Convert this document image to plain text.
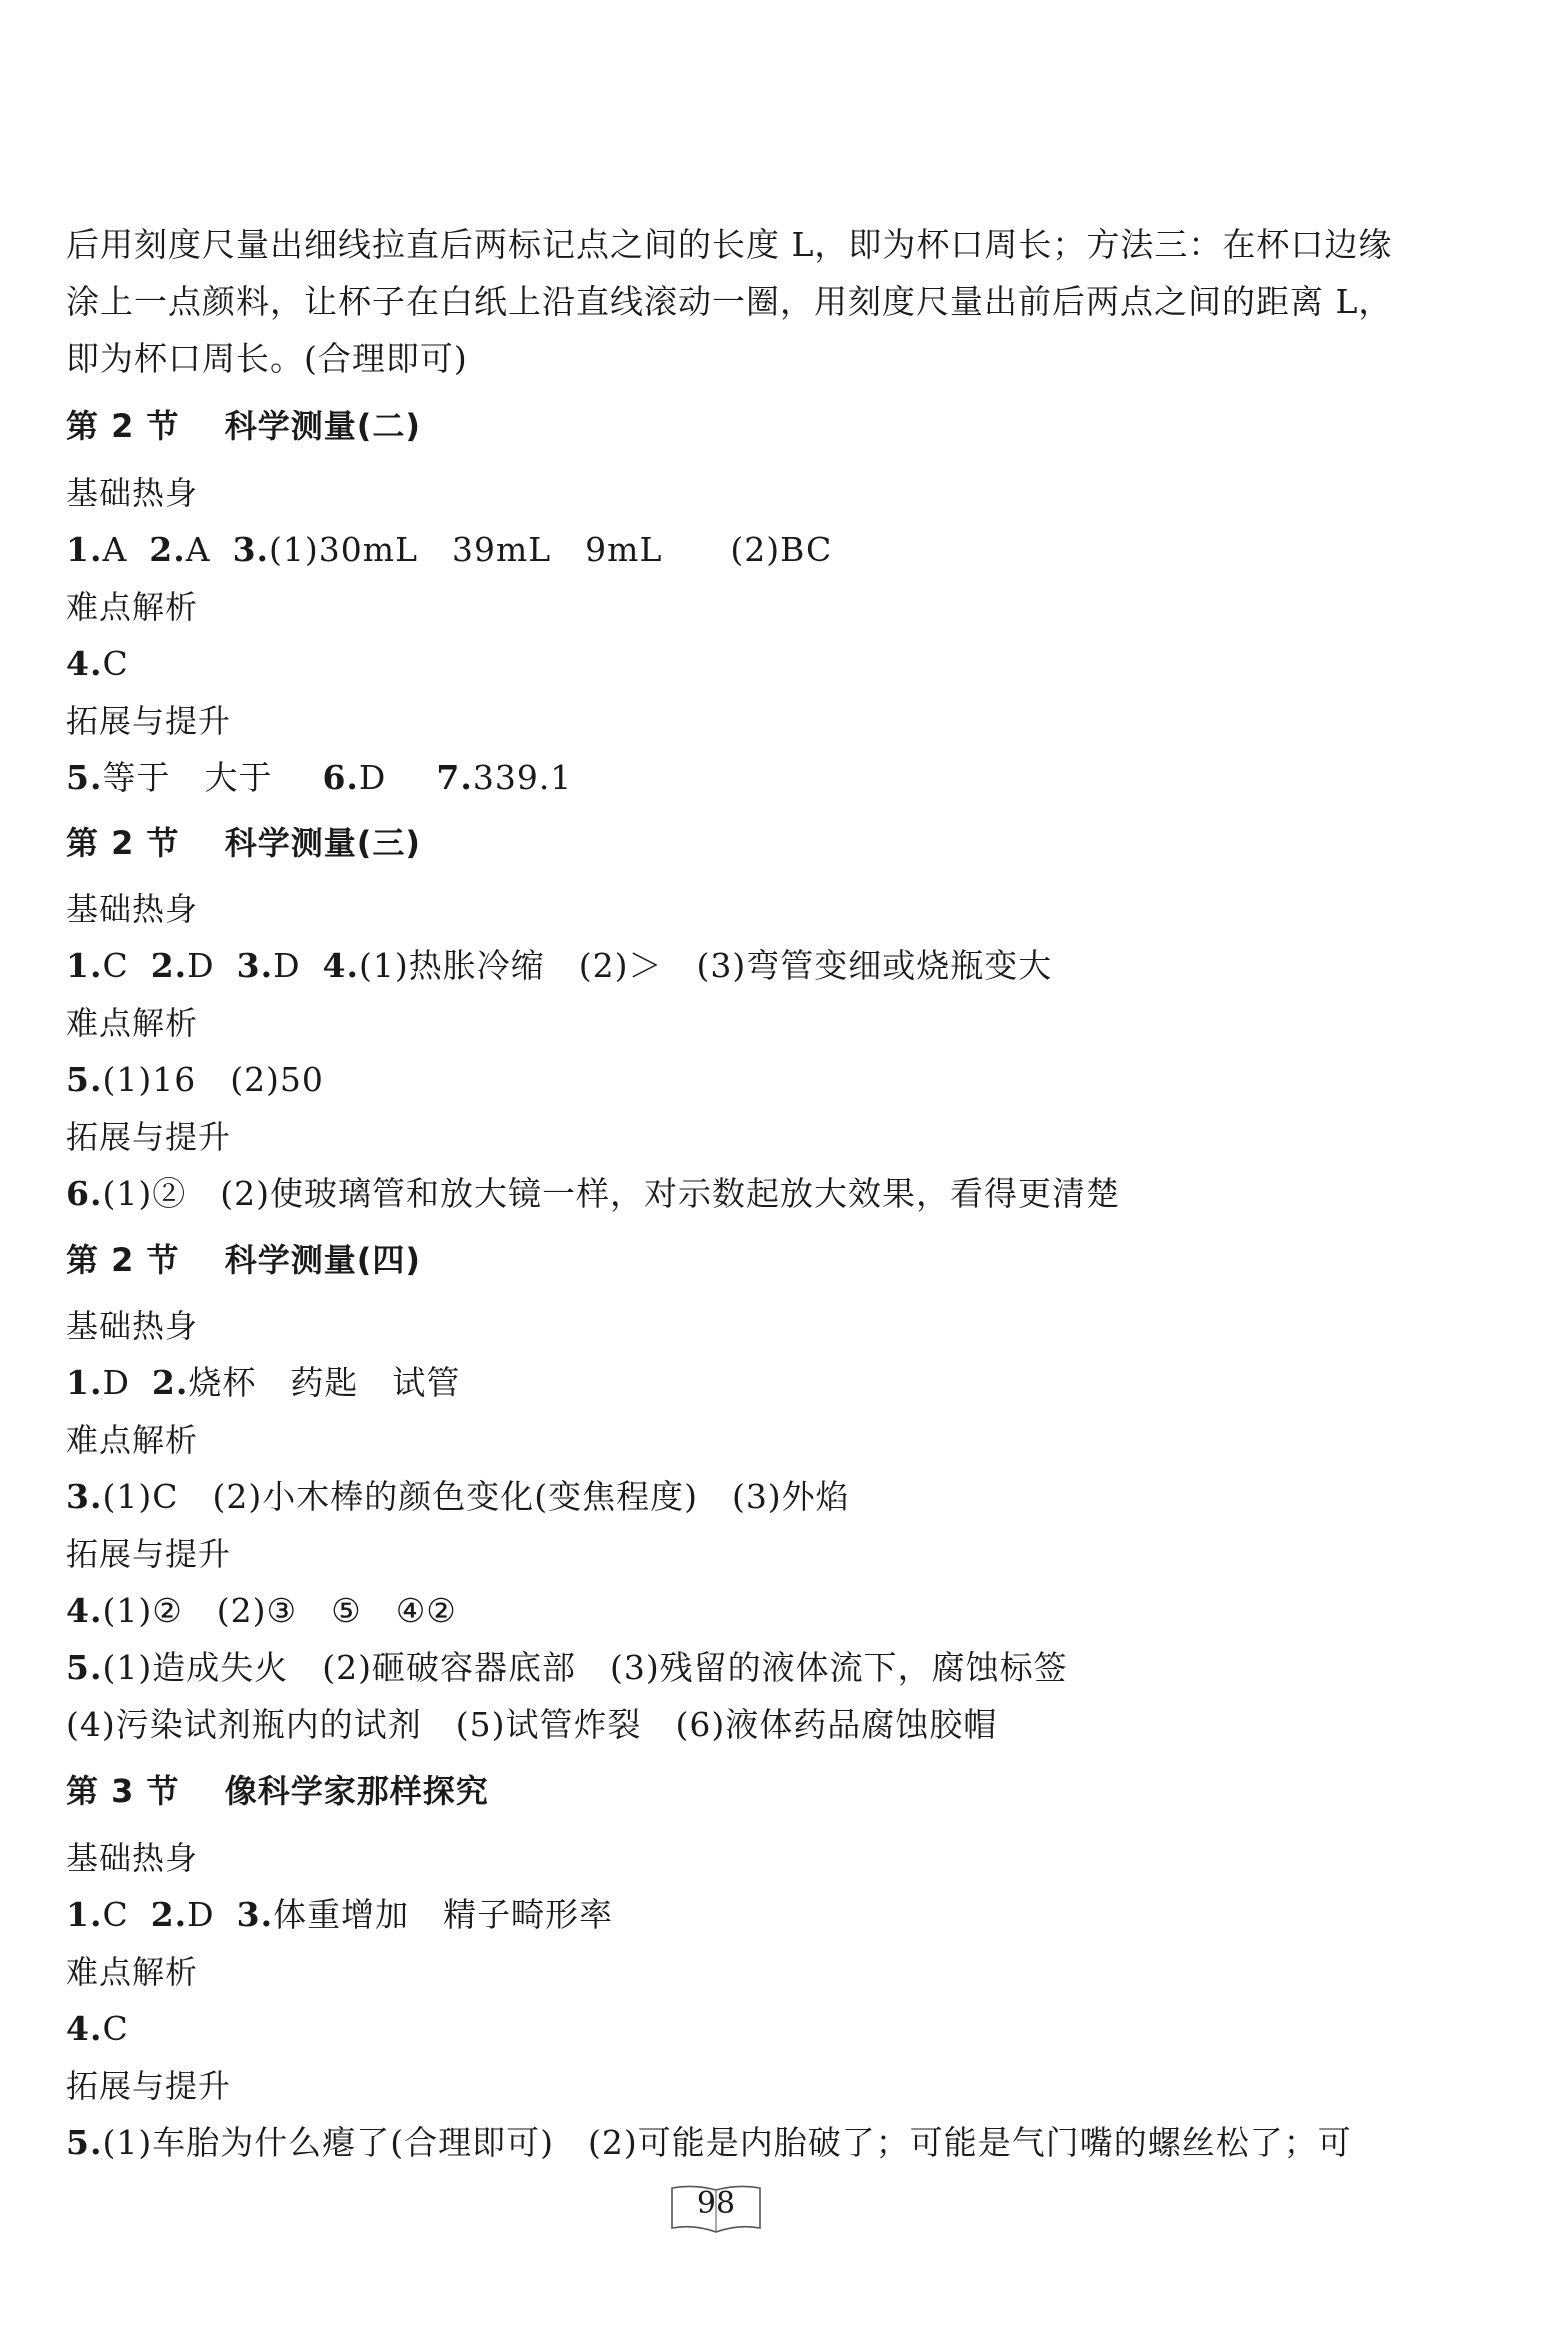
后用刻度尺量出细线拉直后两标记点之间的长度 L，即为杯口周长；方法三：在杯口边缘
涂上一点颜料，让杯子在白纸上沿直线滚动一圈，用刻度尺量出前后两点之间的距离 L，
即为杯口周长。(合理即可)
第 2 节　 科学测量(二)
基础热身
1.A 2.A 3.(1)30mL　39mL　9mL　　(2)BC
难点解析
4.C
拓展与提升
5.等于　大于 6.D 7.339.1
第 2 节　 科学测量(三)
基础热身
1.C 2.D 3.D 4.(1)热胀冷缩　(2)＞　(3)弯管变细或烧瓶变大
难点解析
5.(1)16　(2)50
拓展与提升
6.(1)②　(2)使玻璃管和放大镜一样，对示数起放大效果，看得更清楚
第 2 节　 科学测量(四)
基础热身
1.D 2.烧杯　药匙　试管
难点解析
3.(1)C　(2)小木棒的颜色变化(变焦程度)　(3)外焰
拓展与提升
4.(1)②　(2)③　⑤　④②
5.(1)造成失火　(2)砸破容器底部　(3)残留的液体流下，腐蚀标签
(4)污染试剂瓶内的试剂　(5)试管炸裂　(6)液体药品腐蚀胶帽
第 3 节　 像科学家那样探究
基础热身
1.C 2.D 3.体重增加　精子畸形率
难点解析
4.C
拓展与提升
5.(1)车胎为什么瘪了(合理即可)　(2)可能是内胎破了；可能是气门嘴的螺丝松了；可
98
